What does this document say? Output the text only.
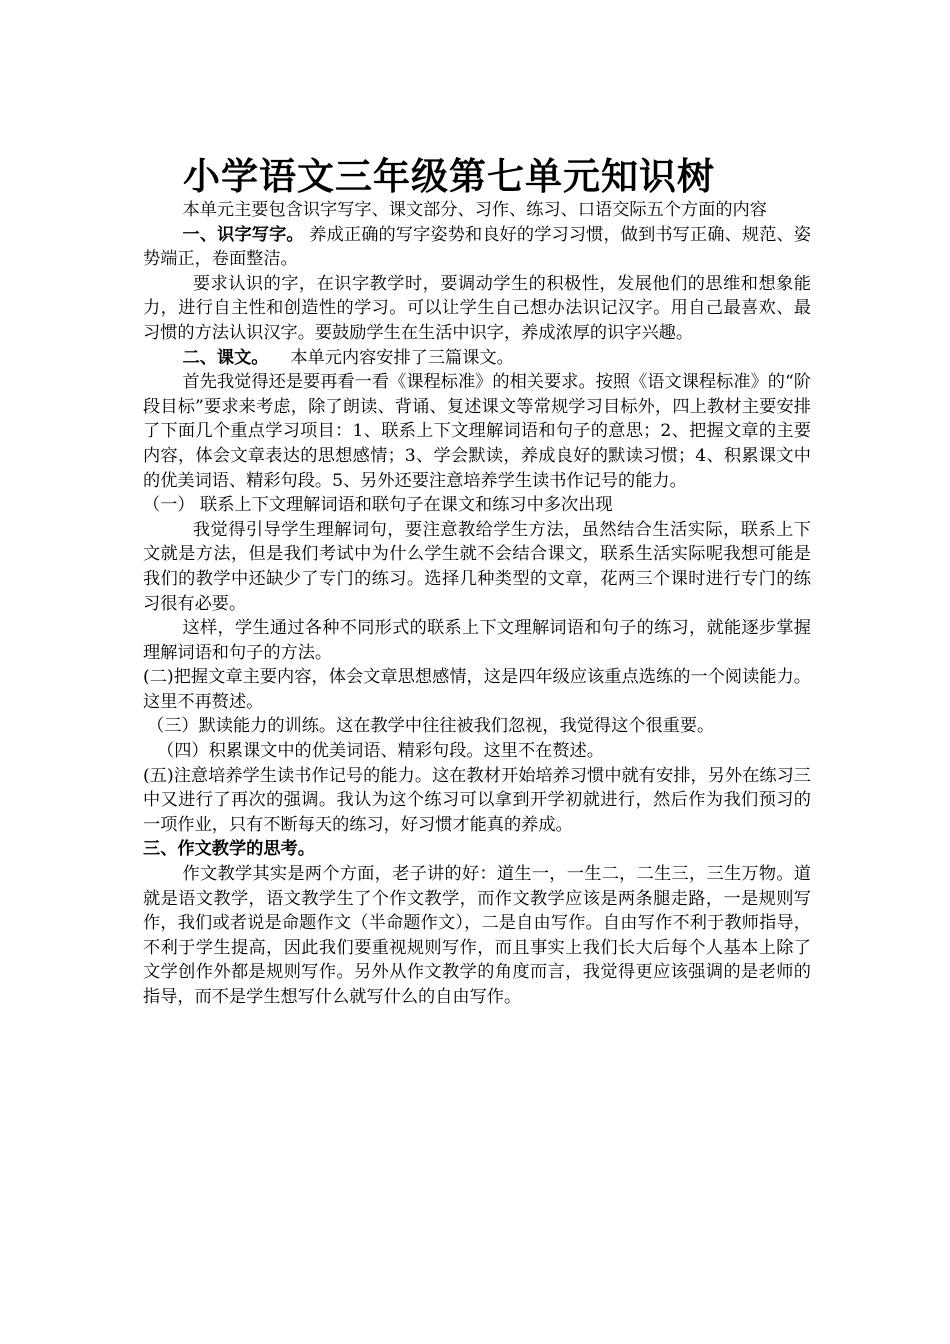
小学语文三年级第七单元知识树

本单元主要包含识字写字、课文部分、习作、练习、口语交际五个方面的内容

一、识字写字。 养成正确的写字姿势和良好的学习习惯，做到书写正确、规范、姿势端正，卷面整洁。

要求认识的字，在识字教学时，要调动学生的积极性，发展他们的思维和想象能力，进行自主性和创造性的学习。可以让学生自己想办法识记汉字。用自己最喜欢、最习惯的方法认识汉字。要鼓励学生在生活中识字，养成浓厚的识字兴趣。

二、课文。 本单元内容安排了三篇课文。

首先我觉得还是要再看一看《课程标准》的相关要求。按照《语文课程标准》的“阶段目标”要求来考虑，除了朗读、背诵、复述课文等常规学习目标外，四上教材主要安排了下面几个重点学习项目：1、联系上下文理解词语和句子的意思；2、把握文章的主要内容，体会文章表达的思想感情；3、学会默读，养成良好的默读习惯；4、积累课文中的优美词语、精彩句段。5、另外还要注意培养学生读书作记号的能力。

（一） 联系上下文理解词语和联句子在课文和练习中多次出现

我觉得引导学生理解词句，要注意教给学生方法，虽然结合生活实际，联系上下文就是方法，但是我们考试中为什么学生就不会结合课文，联系生活实际呢我想可能是我们的教学中还缺少了专门的练习。选择几种类型的文章，花两三个课时进行专门的练习很有必要。

这样，学生通过各种不同形式的联系上下文理解词语和句子的练习，就能逐步掌握理解词语和句子的方法。

(二)把握文章主要内容，体会文章思想感情，这是四年级应该重点选练的一个阅读能力。这里不再赘述。

（三）默读能力的训练。这在教学中往往被我们忽视，我觉得这个很重要。

（四）积累课文中的优美词语、精彩句段。这里不在赘述。

(五)注意培养学生读书作记号的能力。这在教材开始培养习惯中就有安排，另外在练习三中又进行了再次的强调。我认为这个练习可以拿到开学初就进行，然后作为我们预习的一项作业，只有不断每天的练习，好习惯才能真的养成。

三、作文教学的思考。

作文教学其实是两个方面，老子讲的好：道生一，一生二，二生三，三生万物。道就是语文教学，语文教学生了个作文教学，而作文教学应该是两条腿走路，一是规则写作，我们或者说是命题作文（半命题作文），二是自由写作。自由写作不利于教师指导，不利于学生提高，因此我们要重视规则写作，而且事实上我们长大后每个人基本上除了文学创作外都是规则写作。另外从作文教学的角度而言，我觉得更应该强调的是老师的指导，而不是学生想写什么就写什么的自由写作。
